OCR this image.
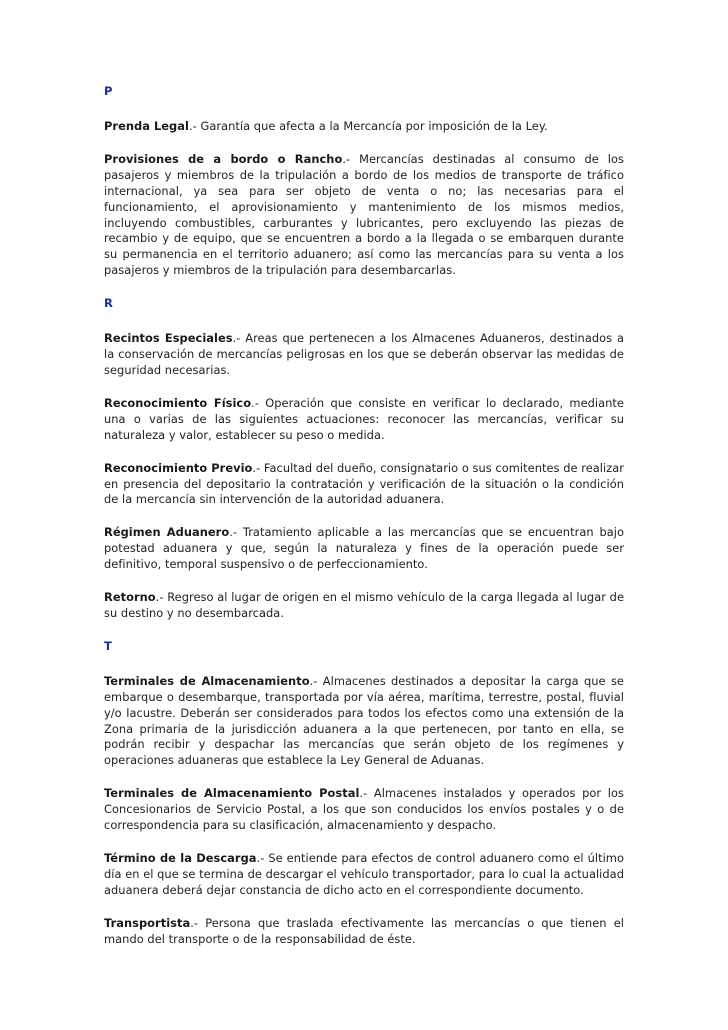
P

Prenda Legal.- Garantía que afecta a la Mercancía por imposición de la Ley.

Provisiones de a bordo o Rancho.- Mercancías destinadas al consumo de los pasajeros y miembros de la tripulación a bordo de los medios de transporte de tráfico internacional, ya sea para ser objeto de venta o no; las necesarias para el funcionamiento, el aprovisionamiento y mantenimiento de los mismos medios, incluyendo combustibles, carburantes y lubricantes, pero excluyendo las piezas de recambio y de equipo, que se encuentren a bordo a la llegada o se embarquen durante su permanencia en el territorio aduanero; así como las mercancías para su venta a los pasajeros y miembros de la tripulación para desembarcarlas.

R

Recintos Especiales.- Areas que pertenecen a los Almacenes Aduaneros, destinados a la conservación de mercancías peligrosas en los que se deberán observar las medidas de seguridad necesarias.

Reconocimiento Físico.- Operación que consiste en verificar lo declarado, mediante una o varias de las siguientes actuaciones: reconocer las mercancías, verificar su naturaleza y valor, establecer su peso o medida.

Reconocimiento Previo.- Facultad del dueño, consignatario o sus comitentes de realizar en presencia del depositario la contratación y verificación de la situación o la condición de la mercancía sin intervención de la autoridad aduanera.

Régimen Aduanero.- Tratamiento aplicable a las mercancías que se encuentran bajo potestad aduanera y que, según la naturaleza y fines de la operación puede ser definitivo, temporal suspensivo o de perfeccionamiento.

Retorno.- Regreso al lugar de origen en el mismo vehículo de la carga llegada al lugar de su destino y no desembarcada.

T

Terminales de Almacenamiento.- Almacenes destinados a depositar la carga que se embarque o desembarque, transportada por vía aérea, marítima, terrestre, postal, fluvial y/o lacustre. Deberán ser considerados para todos los efectos como una extensión de la Zona primaria de la jurisdicción aduanera a la que pertenecen, por tanto en ella, se podrán recibir y despachar las mercancías que serán objeto de los regímenes y operaciones aduaneras que establece la Ley General de Aduanas.

Terminales de Almacenamiento Postal.- Almacenes instalados y operados por los Concesionarios de Servicio Postal, a los que son conducidos los envíos postales y o de correspondencia para su clasificación, almacenamiento y despacho.

Término de la Descarga.- Se entiende para efectos de control aduanero como el último día en el que se termina de descargar el vehículo transportador, para lo cual la actualidad aduanera deberá dejar constancia de dicho acto en el correspondiente documento.

Transportista.- Persona que traslada efectivamente las mercancías o que tienen el mando del transporte o de la responsabilidad de éste.
